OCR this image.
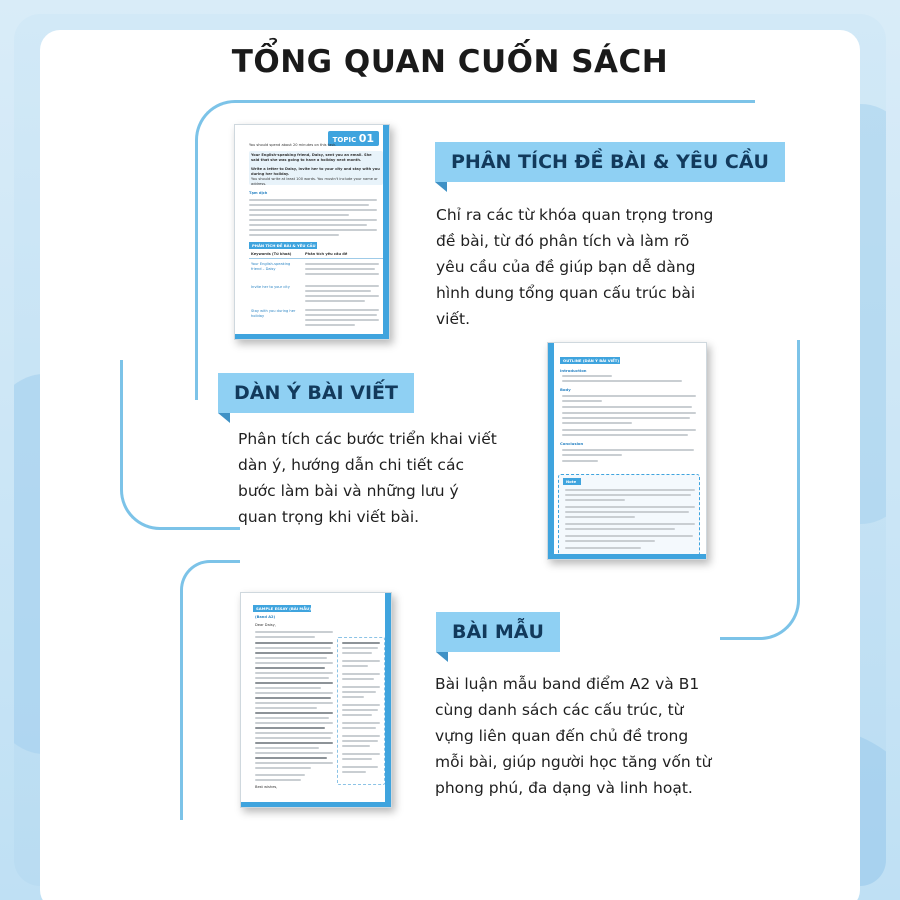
TỔNG QUAN CUỐN SÁCH
TOPIC 01
You should spend about 20 minutes on this task.
Your English-speaking friend, Daisy, sent you an email. She said that she was going to have a holiday next month.
Write a letter to Daisy, invite her to your city and stay with you during her holiday.
You should write at least 100 words. You mustn't include your name or address.
Tạm dịch
PHÂN TÍCH ĐỀ BÀI & YÊU CẦU
Keywords (Từ khoá)	Phân tích yêu cầu đề
Your English-speaking friend – Daisy
Invite her to your city
Stay with you during her holiday
OUTLINE (DÀN Ý BÀI VIẾT)
Introduction
Body
Conclusion
Note
SAMPLE ESSAY (BÀI MẪU)
(Band A2)
Dear Daisy,
Best wishes,
PHÂN TÍCH ĐỀ BÀI & YÊU CẦU

Chỉ ra các từ khóa quan trọng trong đề bài, từ đó phân tích và làm rõ yêu cầu của đề giúp bạn dễ dàng hình dung tổng quan cấu trúc bài viết.

DÀN Ý BÀI VIẾT

Phân tích các bước triển khai viết dàn ý, hướng dẫn chi tiết các bước làm bài và những lưu ý quan trọng khi viết bài.

BÀI MẪU

Bài luận mẫu band điểm A2 và B1 cùng danh sách các cấu trúc, từ vựng liên quan đến chủ đề trong mỗi bài, giúp người học tăng vốn từ phong phú, đa dạng và linh hoạt.
